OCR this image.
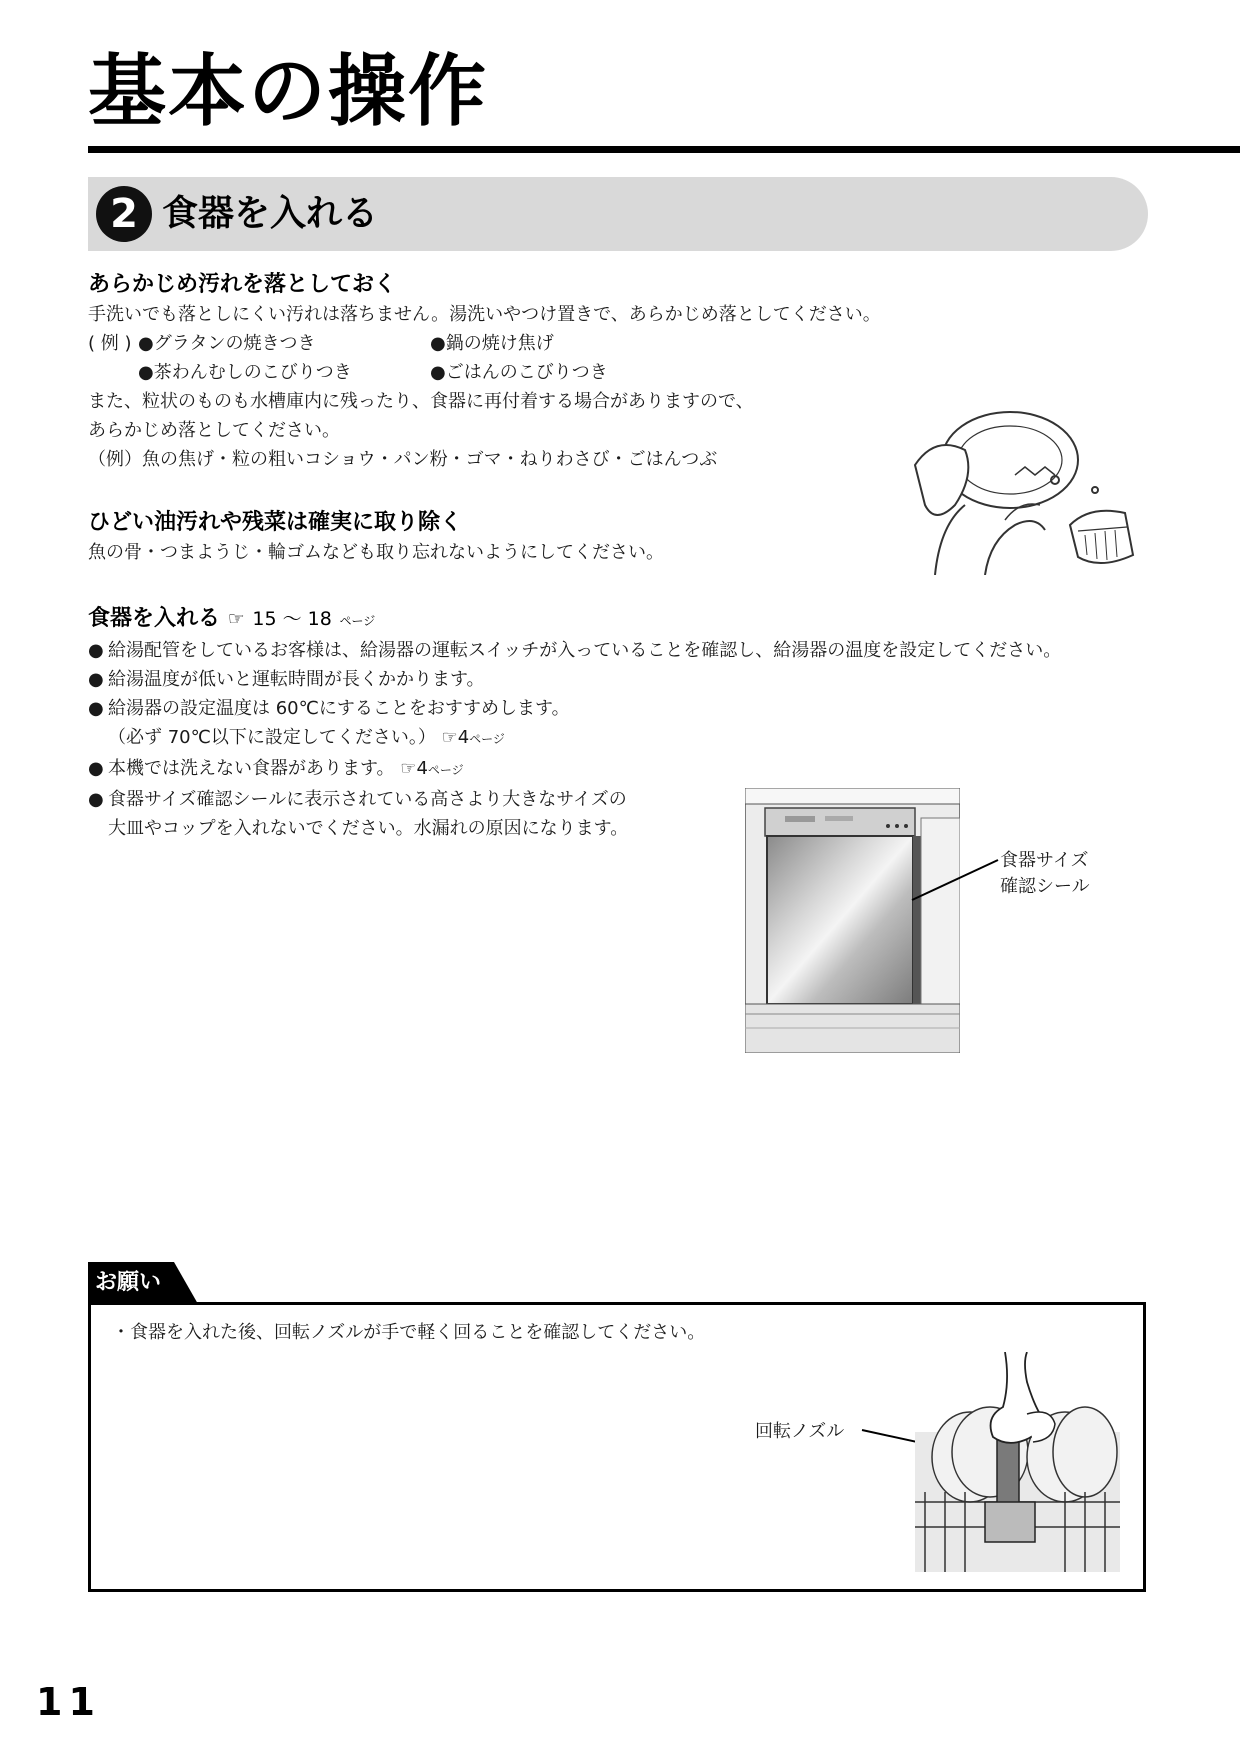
基本の操作
2 食器を入れる
あらかじめ汚れを落としておく

手洗いでも落としにくい汚れは落ちません。湯洗いやつけ置きで、あらかじめ落としてください。

( 例 ) ●グラタンの焼きつき	●鍋の焼け焦げ
●茶わんむしのこびりつき	●ごはんのこびりつき

また、粒状のものも水槽庫内に残ったり、食器に再付着する場合がありますので、

あらかじめ落としてください。

（例）魚の焦げ・粒の粗いコショウ・パン粉・ゴマ・ねりわさび・ごはんつぶ

ひどい油汚れや残菜は確実に取り除く

魚の骨・つまようじ・輪ゴムなども取り忘れないようにしてください。

食器を入れる ☞ 15 ～ 18 ページ
● 給湯配管をしているお客様は、給湯器の運転スイッチが入っていることを確認し、給湯器の温度を設定してください。
● 給湯温度が低いと運転時間が長くかかります。
● 給湯器の設定温度は 60℃にすることをおすすめします。
（必ず 70℃以下に設定してください。） ☞4ページ
● 本機では洗えない食器があります。 ☞4ページ
● 食器サイズ確認シールに表示されている高さより大きなサイズの
大皿やコップを入れないでください。水漏れの原因になります。
食器サイズ
確認シール
お願い

・食器を入れた後、回転ノズルが手で軽く回ることを確認してください。

回転ノズル
11
